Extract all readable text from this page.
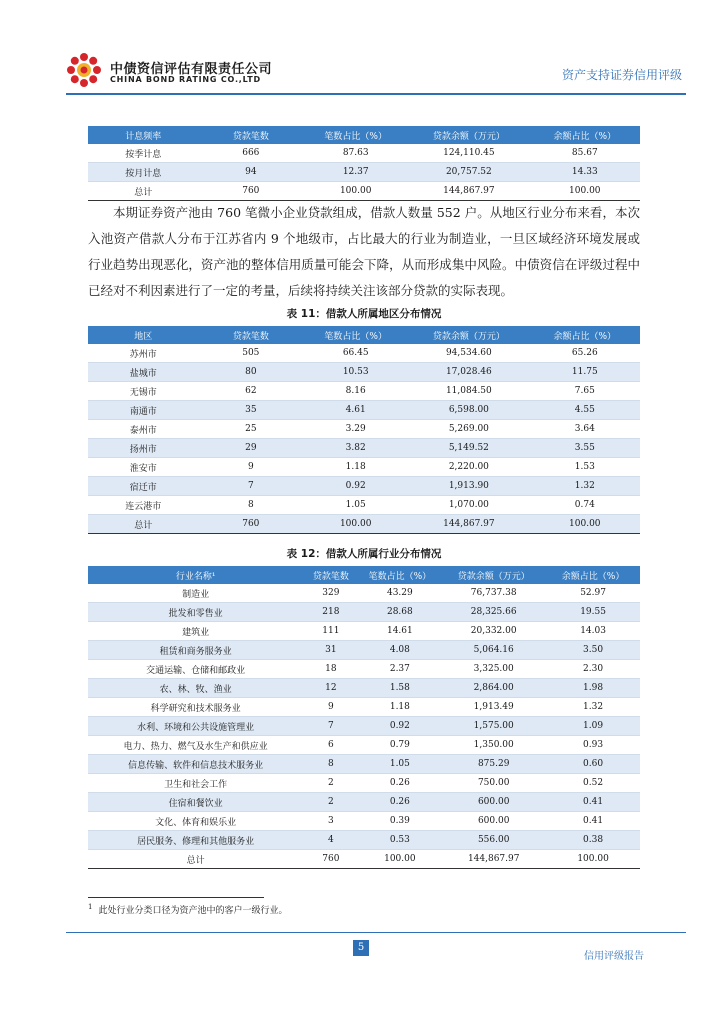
中债资信评估有限责任公司
CHINA BOND RATING CO.,LTD	资产支持证券信用评级
计息频率	贷款笔数	笔数占比（%）	贷款余额（万元）	余额占比（%）
按季计息	666	87.63	124,110.45	85.67
按月计息	94	12.37	20,757.52	14.33
总计	760	100.00	144,867.97	100.00

本期证券资产池由 760 笔微小企业贷款组成，借款人数量 552 户。从地区行业分布来看，本次入池资产借款人分布于江苏省内 9 个地级市，占比最大的行业为制造业，一旦区域经济环境发展或行业趋势出现恶化，资产池的整体信用质量可能会下降，从而形成集中风险。中债资信在评级过程中已经对不利因素进行了一定的考量，后续将持续关注该部分贷款的实际表现。

表 11：借款人所属地区分布情况
地区	贷款笔数	笔数占比（%）	贷款余额（万元）	余额占比（%）
苏州市	505	66.45	94,534.60	65.26
盐城市	80	10.53	17,028.46	11.75
无锡市	62	8.16	11,084.50	7.65
南通市	35	4.61	6,598.00	4.55
泰州市	25	3.29	5,269.00	3.64
扬州市	29	3.82	5,149.52	3.55
淮安市	9	1.18	2,220.00	1.53
宿迁市	7	0.92	1,913.90	1.32
连云港市	8	1.05	1,070.00	0.74
总计	760	100.00	144,867.97	100.00
表 12：借款人所属行业分布情况
行业名称¹	贷款笔数	笔数占比（%）	贷款余额（万元）	余额占比（%）
制造业	329	43.29	76,737.38	52.97
批发和零售业	218	28.68	28,325.66	19.55
建筑业	111	14.61	20,332.00	14.03
租赁和商务服务业	31	4.08	5,064.16	3.50
交通运输、仓储和邮政业	18	2.37	3,325.00	2.30
农、林、牧、渔业	12	1.58	2,864.00	1.98
科学研究和技术服务业	9	1.18	1,913.49	1.32
水利、环境和公共设施管理业	7	0.92	1,575.00	1.09
电力、热力、燃气及水生产和供应业	6	0.79	1,350.00	0.93
信息传输、软件和信息技术服务业	8	1.05	875.29	0.60
卫生和社会工作	2	0.26	750.00	0.52
住宿和餐饮业	2	0.26	600.00	0.41
文化、体育和娱乐业	3	0.39	600.00	0.41
居民服务、修理和其他服务业	4	0.53	556.00	0.38
总计	760	100.00	144,867.97	100.00
$^1$ 此处行业分类口径为资产池中的客户一级行业。
5
信用评级报告
